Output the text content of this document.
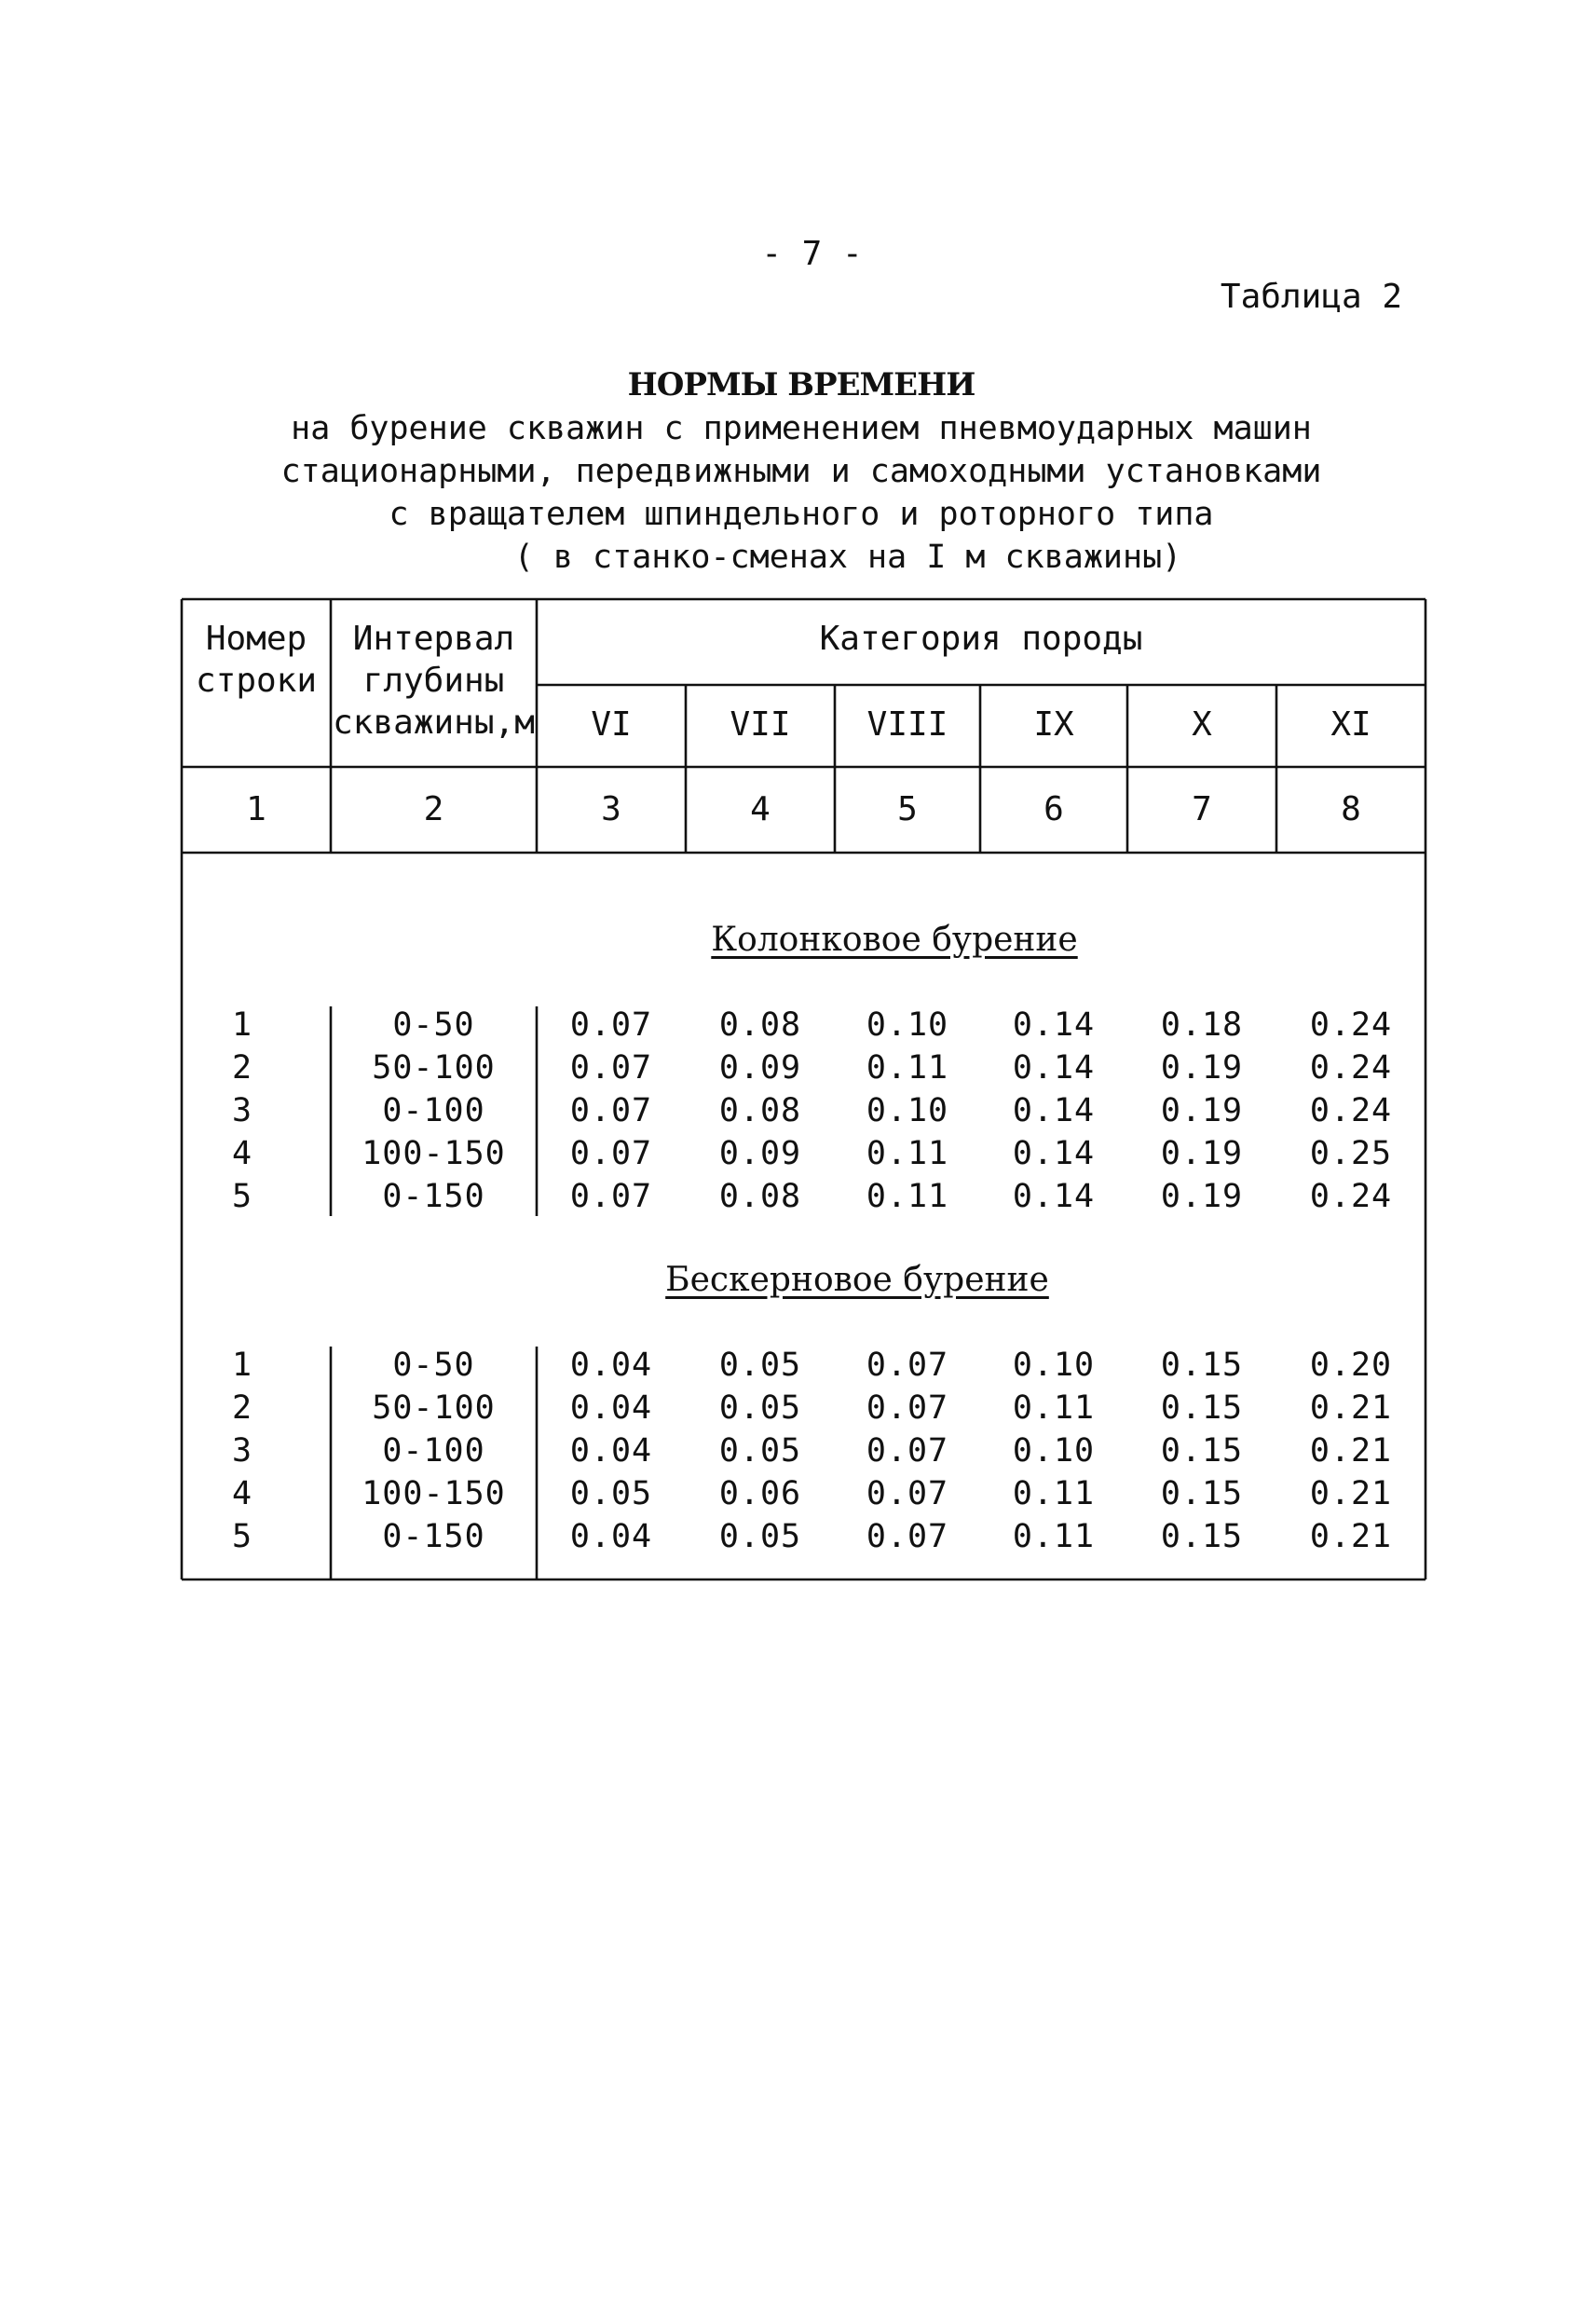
- 7 -
Таблица 2
НОРМЫ ВРЕМЕНИ
на бурение скважин с применением пневмоударных машин
стационарными, передвижными и самоходными установками
с вращателем шпиндельного и роторного типа
( в станко-сменах на I м скважины)
Номер
строки
Интервал
глубины
скважины,м
Категория породы
VI	VII	VIII	IX	X	XI
1	2	3	4	5	6	7	8
Колонковое бурение
Бескерновое бурение
1	0-50	0.07	0.08	0.10	0.14	0.18	0.24
2	50-100	0.07	0.09	0.11	0.14	0.19	0.24
3	0-100	0.07	0.08	0.10	0.14	0.19	0.24
4	100-150	0.07	0.09	0.11	0.14	0.19	0.25
5	0-150	0.07	0.08	0.11	0.14	0.19	0.24
1	0-50	0.04	0.05	0.07	0.10	0.15	0.20
2	50-100	0.04	0.05	0.07	0.11	0.15	0.21
3	0-100	0.04	0.05	0.07	0.10	0.15	0.21
4	100-150	0.05	0.06	0.07	0.11	0.15	0.21
5	0-150	0.04	0.05	0.07	0.11	0.15	0.21
